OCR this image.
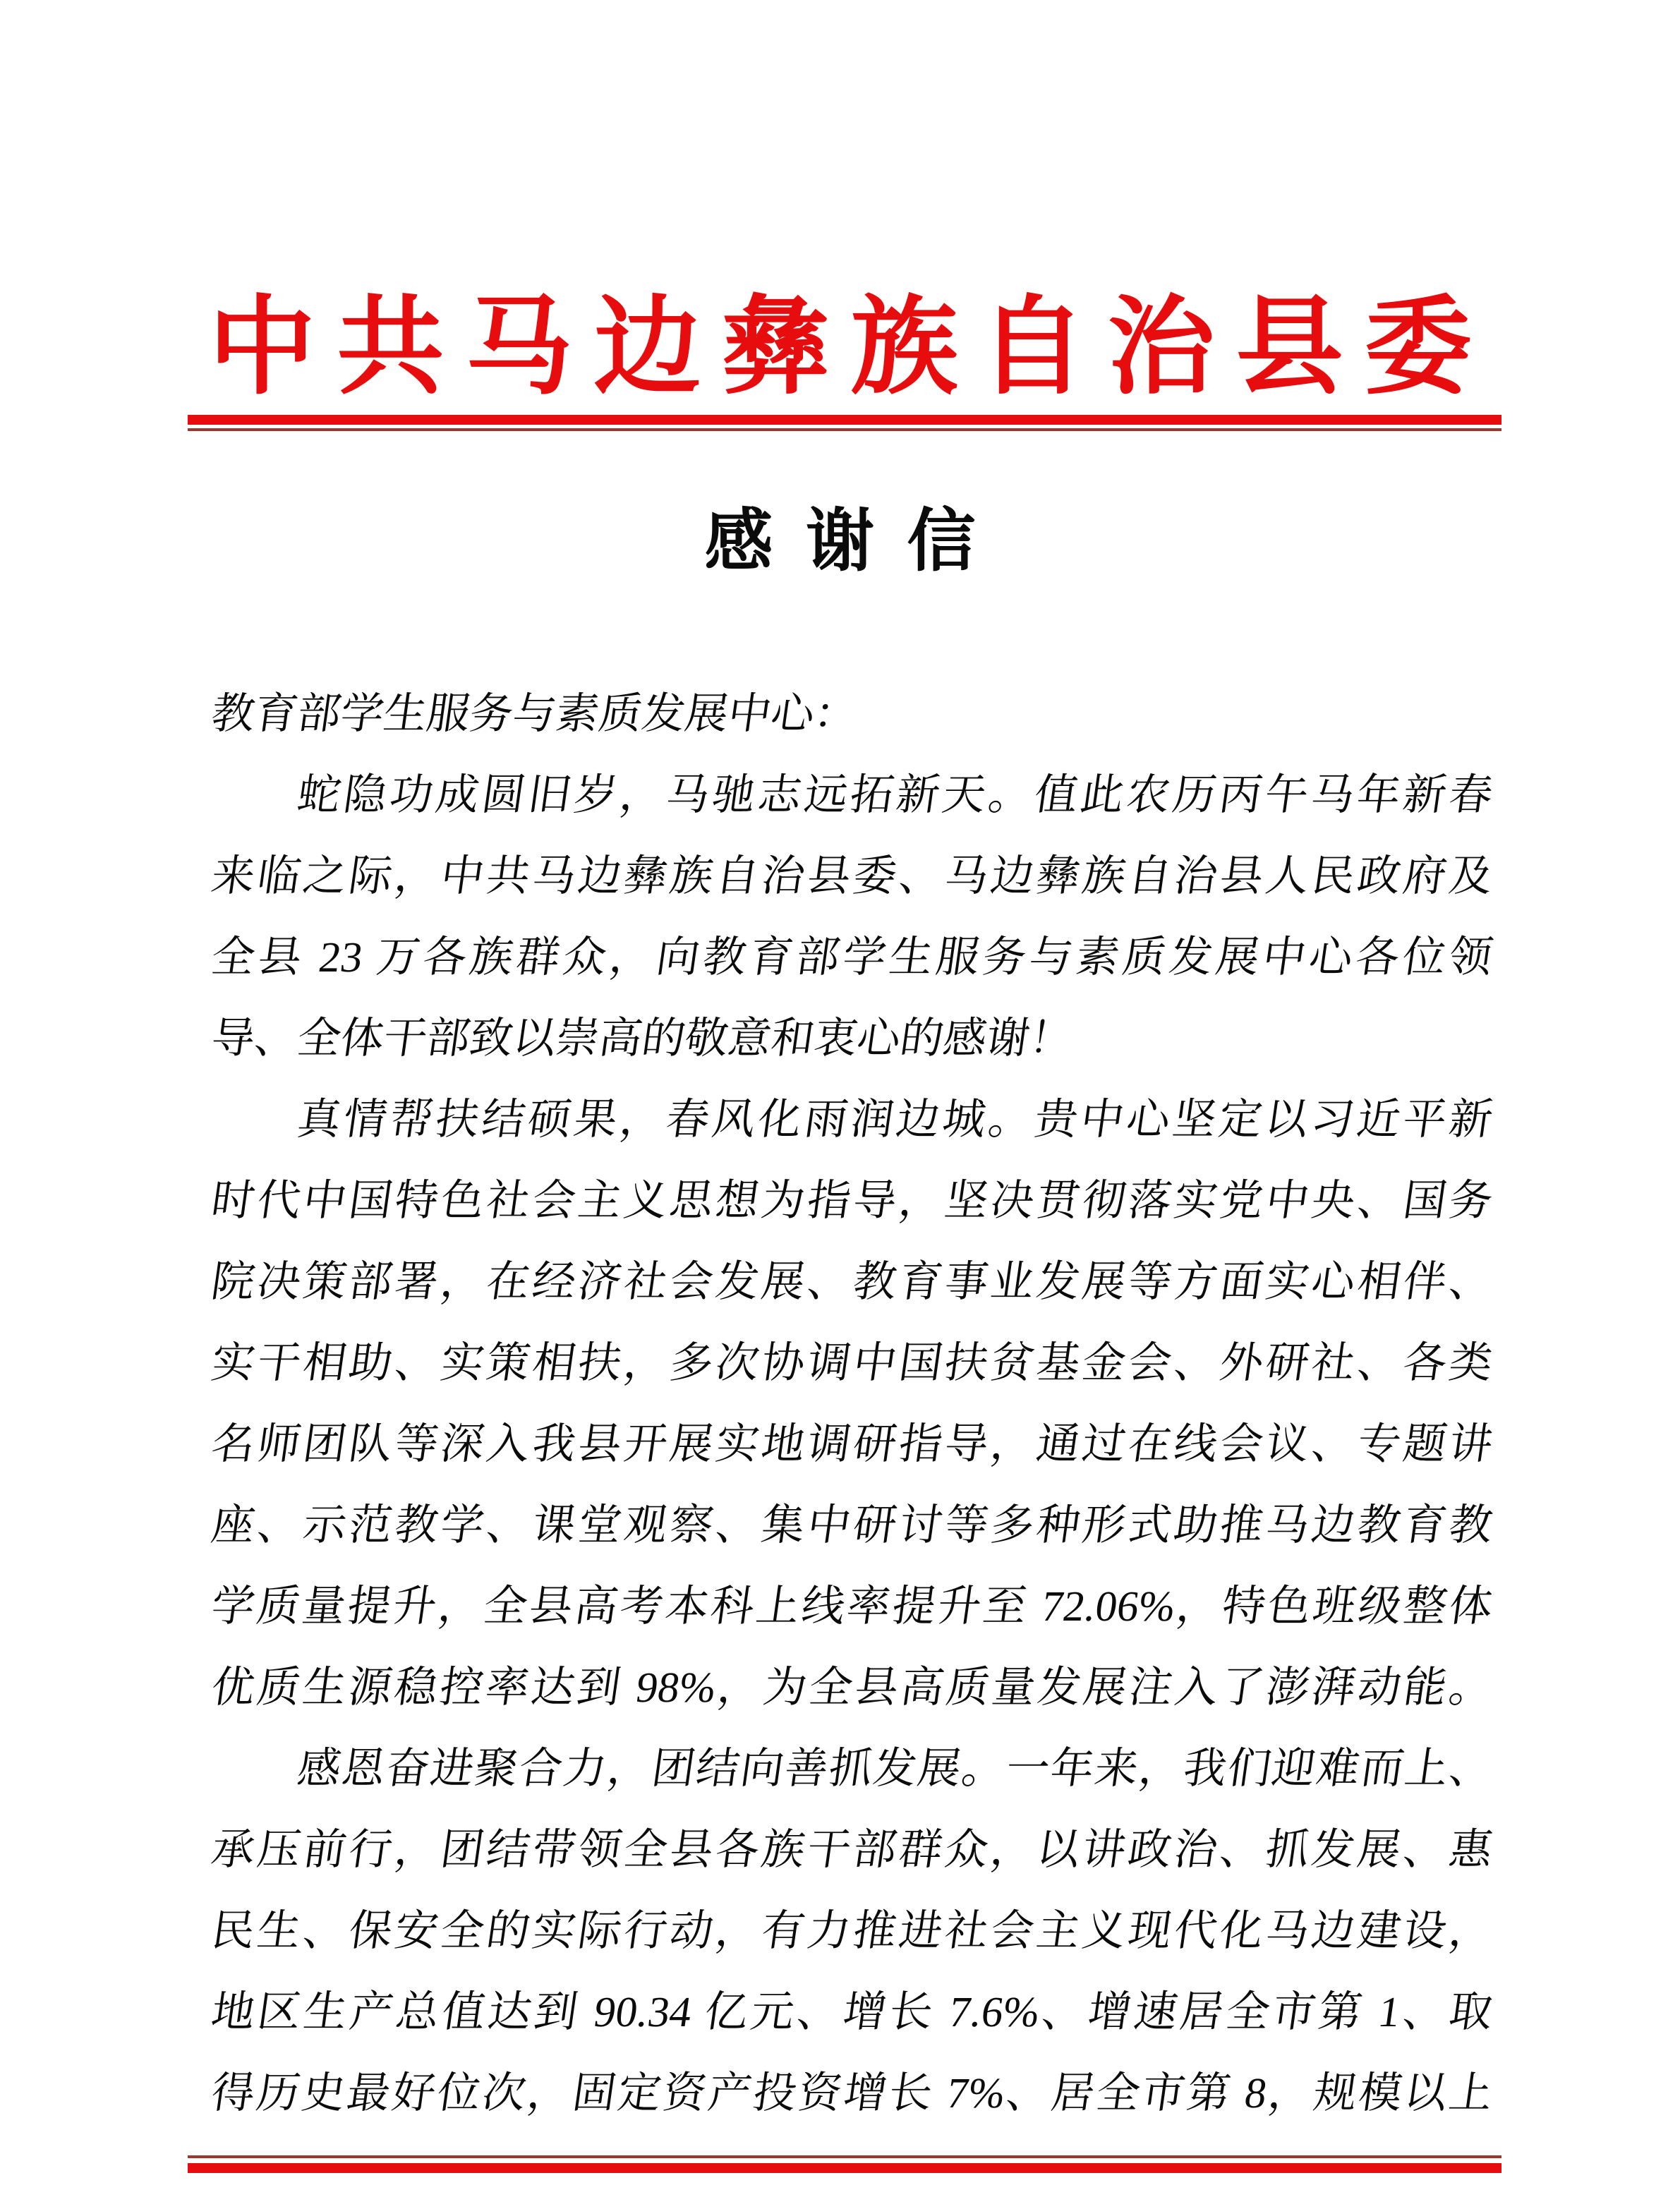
中共马边彝族自治县委
感谢信
教育部学生服务与素质发展中心：
蛇隐功成圆旧岁，马驰志远拓新天。值此农历丙午马年新春
来临之际，中共马边彝族自治县委、马边彝族自治县人民政府及
全县 23 万各族群众，向教育部学生服务与素质发展中心各位领
导、全体干部致以崇高的敬意和衷心的感谢！
真情帮扶结硕果，春风化雨润边城。贵中心坚定以习近平新
时代中国特色社会主义思想为指导，坚决贯彻落实党中央、国务
院决策部署，在经济社会发展、教育事业发展等方面实心相伴、
实干相助、实策相扶，多次协调中国扶贫基金会、外研社、各类
名师团队等深入我县开展实地调研指导，通过在线会议、专题讲
座、示范教学、课堂观察、集中研讨等多种形式助推马边教育教
学质量提升，全县高考本科上线率提升至 72.06%，特色班级整体
优质生源稳控率达到 98%，为全县高质量发展注入了澎湃动能。
感恩奋进聚合力，团结向善抓发展。一年来，我们迎难而上、
承压前行，团结带领全县各族干部群众，以讲政治、抓发展、惠
民生、保安全的实际行动，有力推进社会主义现代化马边建设，
地区生产总值达到 90.34 亿元、增长 7.6%、增速居全市第 1、取
得历史最好位次，固定资产投资增长 7%、居全市第 8，规模以上
